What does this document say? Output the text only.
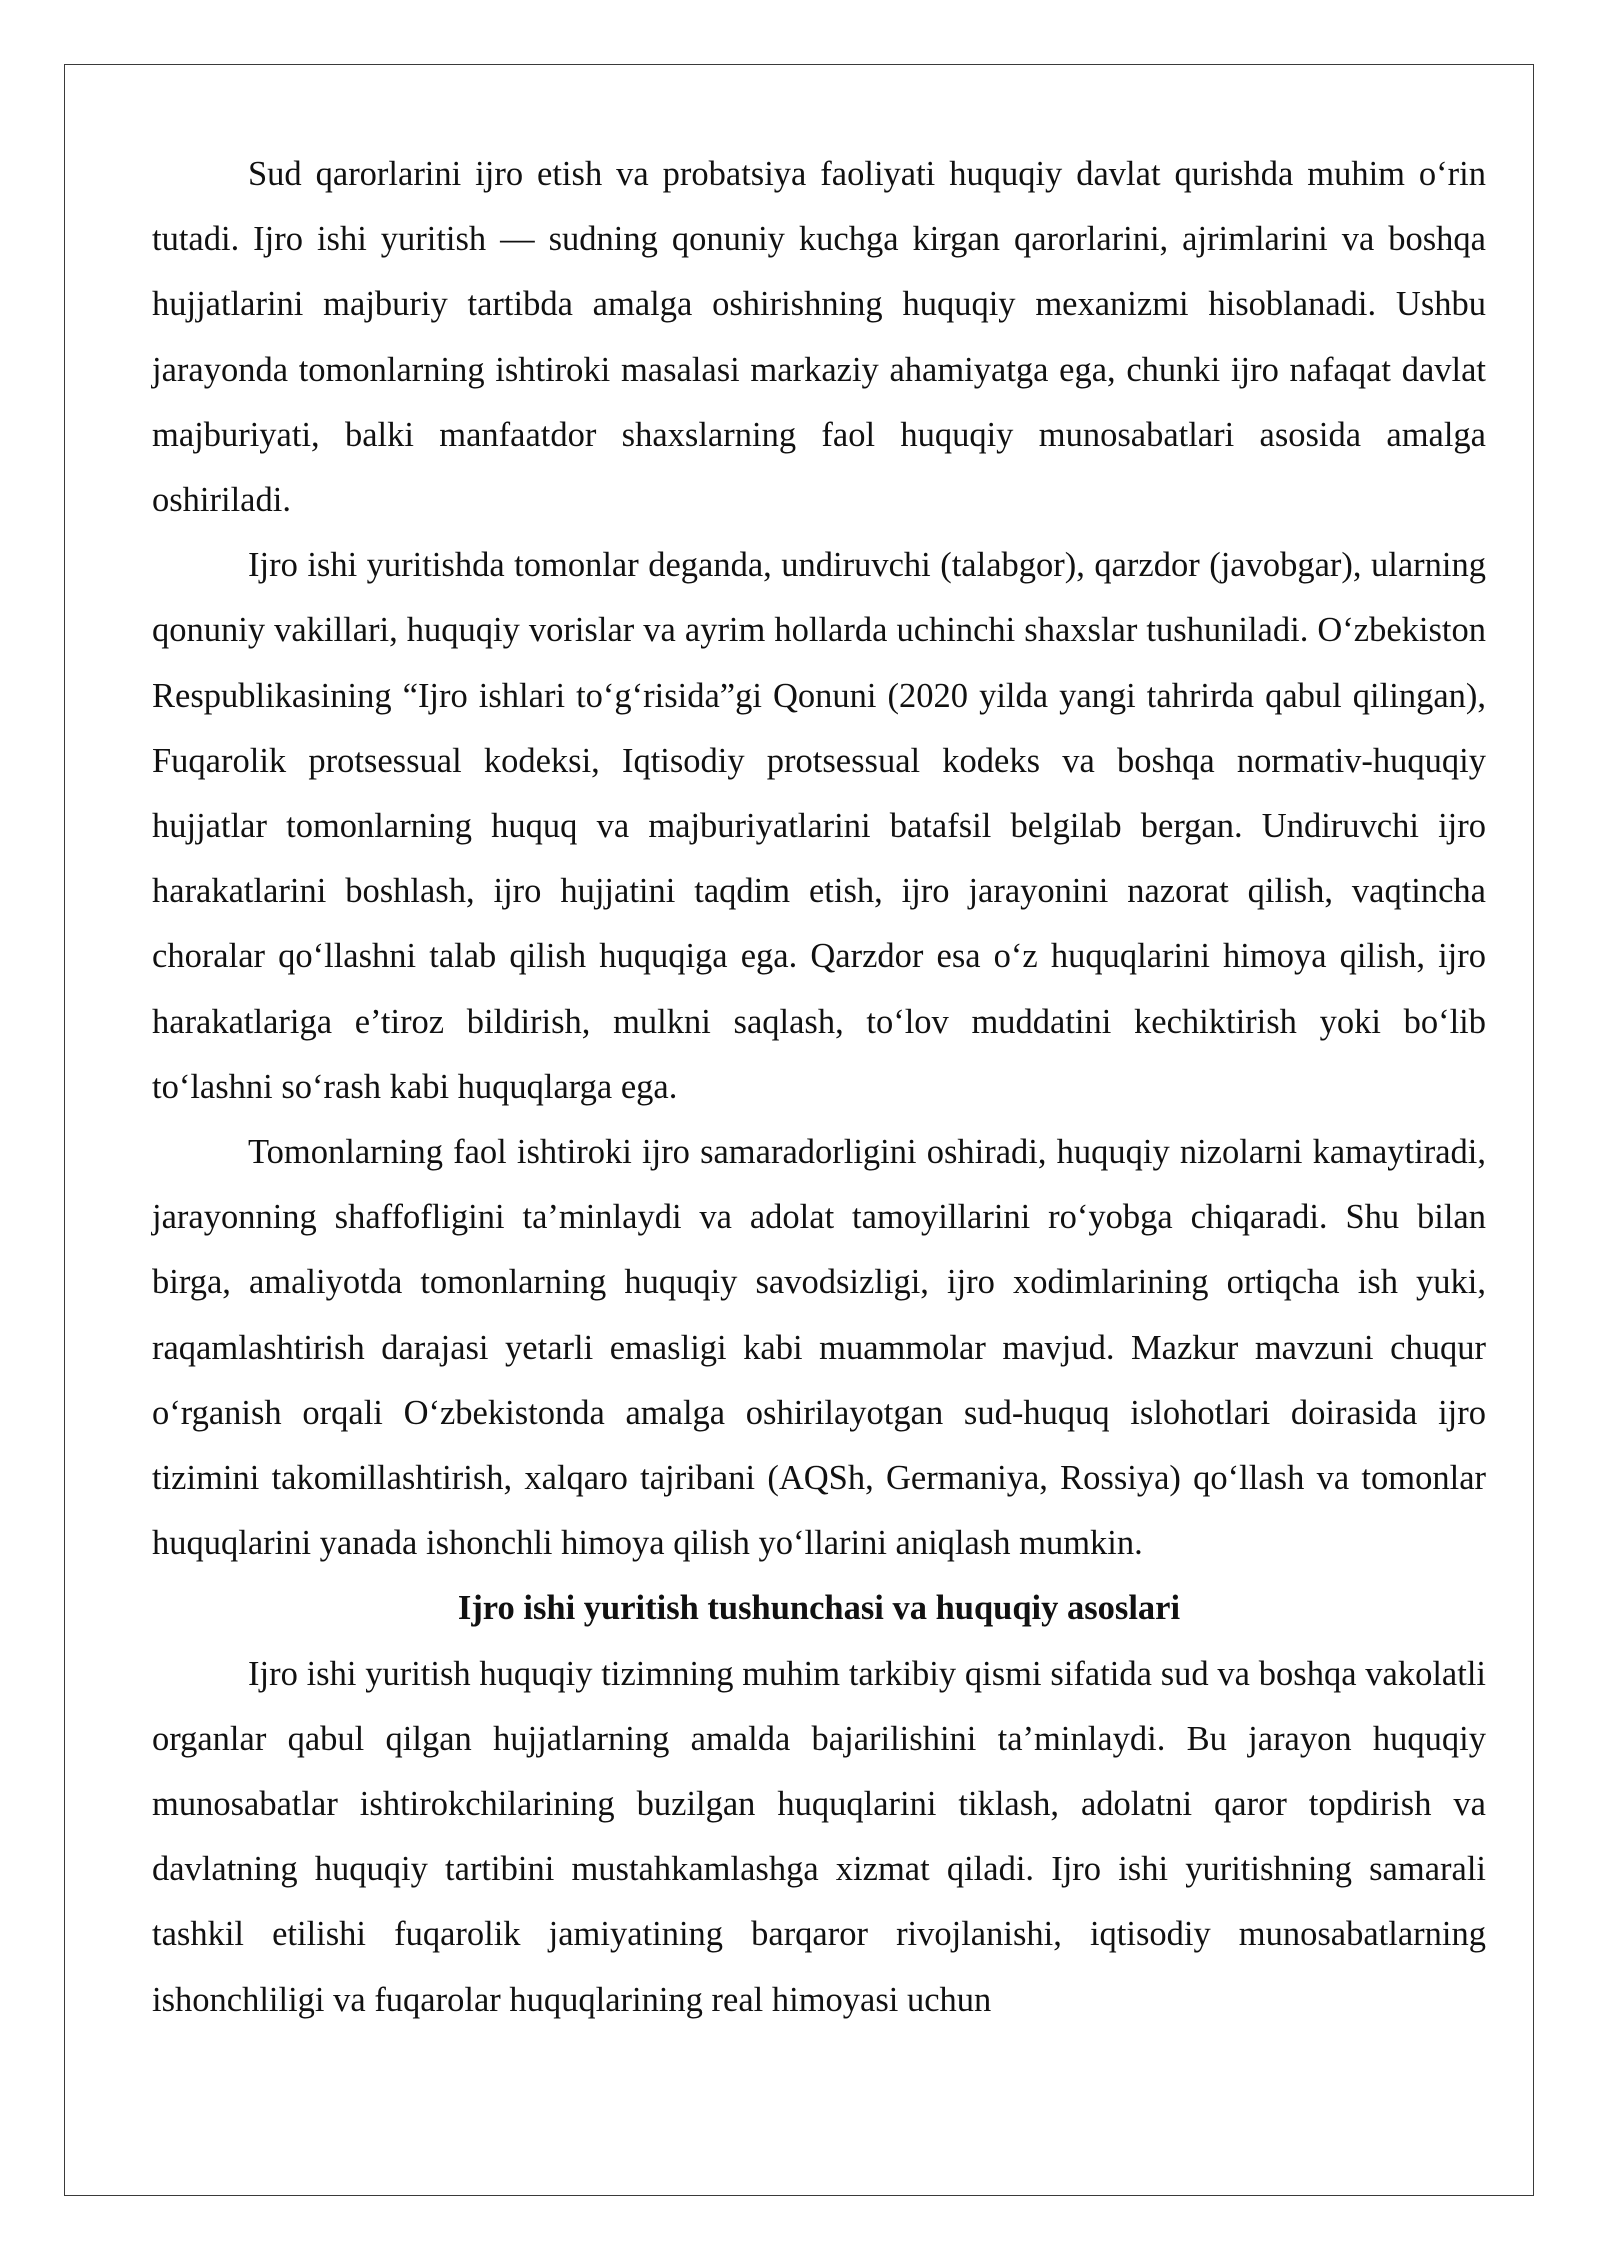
Sud qarorlarini ijro etish va probatsiya faoliyati huquqiy davlat qurishda muhim o‘rin tutadi. Ijro ishi yuritish — sudning qonuniy kuchga kirgan qarorlarini, ajrimlarini va boshqa hujjatlarini majburiy tartibda amalga oshirishning huquqiy mexanizmi hisoblanadi. Ushbu jarayonda tomonlarning ishtiroki masalasi markaziy ahamiyatga ega, chunki ijro nafaqat davlat majburiyati, balki manfaatdor shaxslarning faol huquqiy munosabatlari asosida amalga oshiriladi.

Ijro ishi yuritishda tomonlar deganda, undiruvchi (talabgor), qarzdor (javobgar), ularning qonuniy vakillari, huquqiy vorislar va ayrim hollarda uchinchi shaxslar tushuniladi. O‘zbekiston Respublikasining “Ijro ishlari to‘g‘risida”gi Qonuni (2020 yilda yangi tahrirda qabul qilingan), Fuqarolik protsessual kodeksi, Iqtisodiy protsessual kodeks va boshqa normativ-huquqiy hujjatlar tomonlarning huquq va majburiyatlarini batafsil belgilab bergan. Undiruvchi ijro harakatlarini boshlash, ijro hujjatini taqdim etish, ijro jarayonini nazorat qilish, vaqtincha choralar qo‘llashni talab qilish huquqiga ega. Qarzdor esa o‘z huquqlarini himoya qilish, ijro harakatlariga e’tiroz bildirish, mulkni saqlash, to‘lov muddatini kechiktirish yoki bo‘lib to‘lashni so‘rash kabi huquqlarga ega.

Tomonlarning faol ishtiroki ijro samaradorligini oshiradi, huquqiy nizolarni kamaytiradi, jarayonning shaffofligini ta’minlaydi va adolat tamoyillarini ro‘yobga chiqaradi. Shu bilan birga, amaliyotda tomonlarning huquqiy savodsizligi, ijro xodimlarining ortiqcha ish yuki, raqamlashtirish darajasi yetarli emasligi kabi muammolar mavjud. Mazkur mavzuni chuqur o‘rganish orqali O‘zbekistonda amalga oshirilayotgan sud-huquq islohotlari doirasida ijro tizimini takomillashtirish, xalqaro tajribani (AQSh, Germaniya, Rossiya) qo‘llash va tomonlar huquqlarini yanada ishonchli himoya qilish yo‘llarini aniqlash mumkin.

Ijro ishi yuritish tushunchasi va huquqiy asoslari

Ijro ishi yuritish huquqiy tizimning muhim tarkibiy qismi sifatida sud va boshqa vakolatli organlar qabul qilgan hujjatlarning amalda bajarilishini ta’minlaydi. Bu jarayon huquqiy munosabatlar ishtirokchilarining buzilgan huquqlarini tiklash, adolatni qaror topdirish va davlatning huquqiy tartibini mustahkamlashga xizmat qiladi. Ijro ishi yuritishning samarali tashkil etilishi fuqarolik jamiyatining barqaror rivojlanishi, iqtisodiy munosabatlarning ishonchliligi va fuqarolar huquqlarining real himoyasi uchun
